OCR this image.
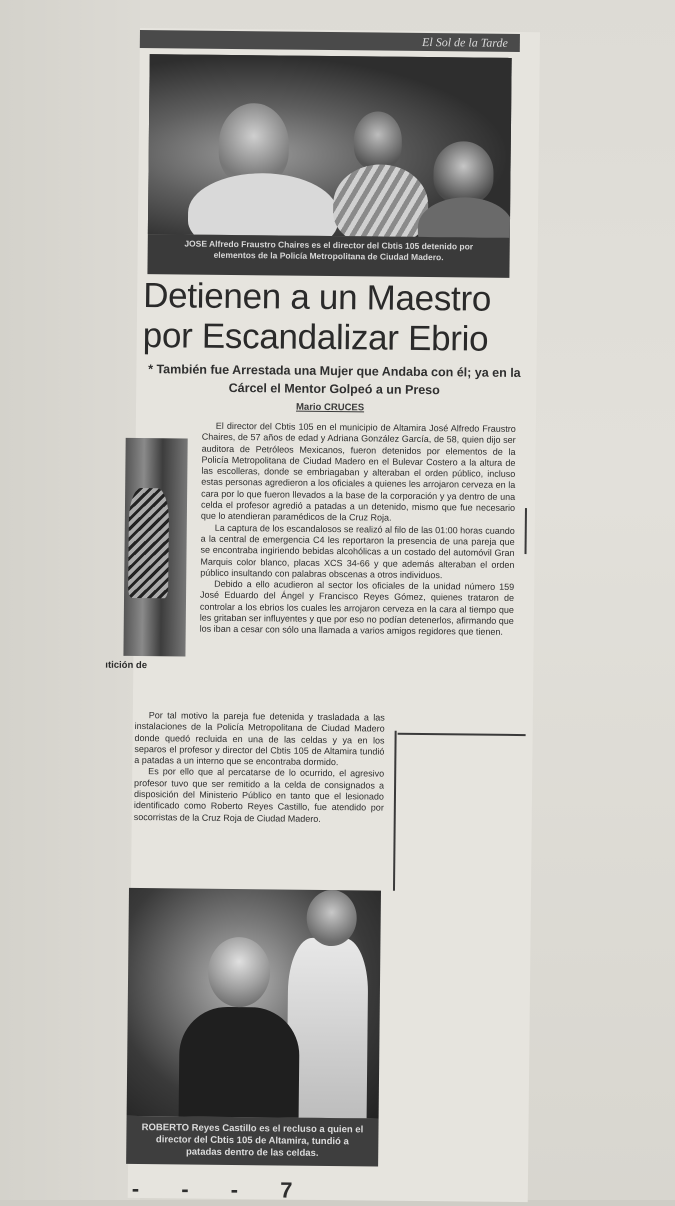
El Sol de la Tarde
JOSE Alfredo Fraustro Chaires es el director del Cbtis 105 detenido por elementos de la Policía Metropolitana de Ciudad Madero.
Detienen a un Maestro
por Escandalizar Ebrio
* También fue Arrestada una Mujer que Andaba con él; ya en la Cárcel el Mentor Golpeó a un Preso
Mario CRUCES
ıtición de

El director del Cbtis 105 en el municipio de Altamira José Alfredo Fraustro Chaires, de 57 años de edad y Adriana González García, de 58, quien dijo ser auditora de Petróleos Mexicanos, fueron detenidos por elementos de la Policía Metropolitana de Ciudad Madero en el Bulevar Costero a la altura de las escolleras, donde se embriagaban y alteraban el orden público, incluso estas personas agredieron a los oficiales a quienes les arrojaron cerveza en la cara por lo que fueron llevados a la base de la corporación y ya dentro de una celda el profesor agredió a patadas a un detenido, mismo que fue necesario que lo atendieran paramédicos de la Cruz Roja.

La captura de los escandalosos se realizó al filo de las 01:00 horas cuando a la central de emergencia C4 les reportaron la presencia de una pareja que se encontraba ingiriendo bebidas alcohólicas a un costado del automóvil Gran Marquis color blanco, placas XCS 34-66 y que además alteraban el orden público insultando con palabras obscenas a otros individuos.

Debido a ello acudieron al sector los oficiales de la unidad número 159 José Eduardo del Ángel y Francisco Reyes Gómez, quienes trataron de controlar a los ebrios los cuales les arrojaron cerveza en la cara al tiempo que les gritaban ser influyentes y que por eso no podían detenerlos, afirmando que los iban a cesar con sólo una llamada a varios amigos regidores que tienen.

Por tal motivo la pareja fue detenida y trasladada a las instalaciones de la Policía Metropolitana de Ciudad Madero donde quedó recluida en una de las celdas y ya en los separos el profesor y director del Cbtis 105 de Altamira tundió a patadas a un interno que se encontraba dormido.

Es por ello que al percatarse de lo ocurrido, el agresivo profesor tuvo que ser remitido a la celda de consignados a disposición del Ministerio Público en tanto que el lesionado identificado como Roberto Reyes Castillo, fue atendido por socorristas de la Cruz Roja de Ciudad Madero.

ROBERTO Reyes Castillo es el recluso a quien el director del Cbtis 105 de Altamira, tundió a patadas dentro de las celdas.
- - - 7
